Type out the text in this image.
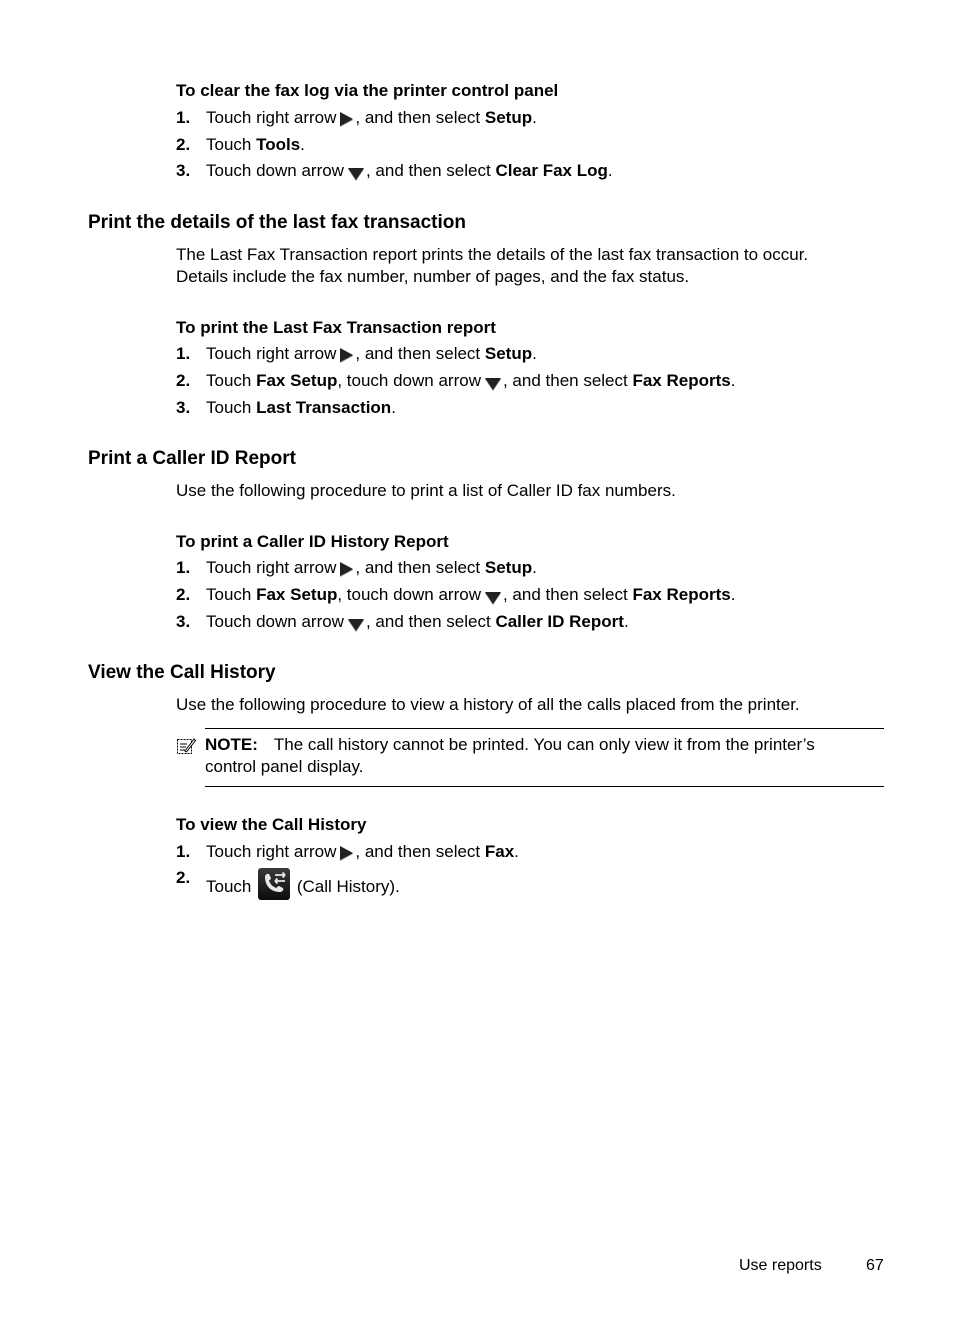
To clear the fax log via the printer control panel
1. Touch right arrow , and then select Setup.
2. Touch Tools.
3. Touch down arrow , and then select Clear Fax Log.
Print the details of the last fax transaction
The Last Fax Transaction report prints the details of the last fax transaction to occur.
Details include the fax number, number of pages, and the fax status.
To print the Last Fax Transaction report
1. Touch right arrow , and then select Setup.
2. Touch Fax Setup, touch down arrow , and then select Fax Reports.
3. Touch Last Transaction.
Print a Caller ID Report
Use the following procedure to print a list of Caller ID fax numbers.
To print a Caller ID History Report
1. Touch right arrow , and then select Setup.
2. Touch Fax Setup, touch down arrow , and then select Fax Reports.
3. Touch down arrow , and then select Caller ID Report.
View the Call History
Use the following procedure to view a history of all the calls placed from the printer.
NOTE: The call history cannot be printed. You can only view it from the printer’s
control panel display.
To view the Call History
1. Touch right arrow , and then select Fax.
2. Touch  (Call History).
Use reports	67
